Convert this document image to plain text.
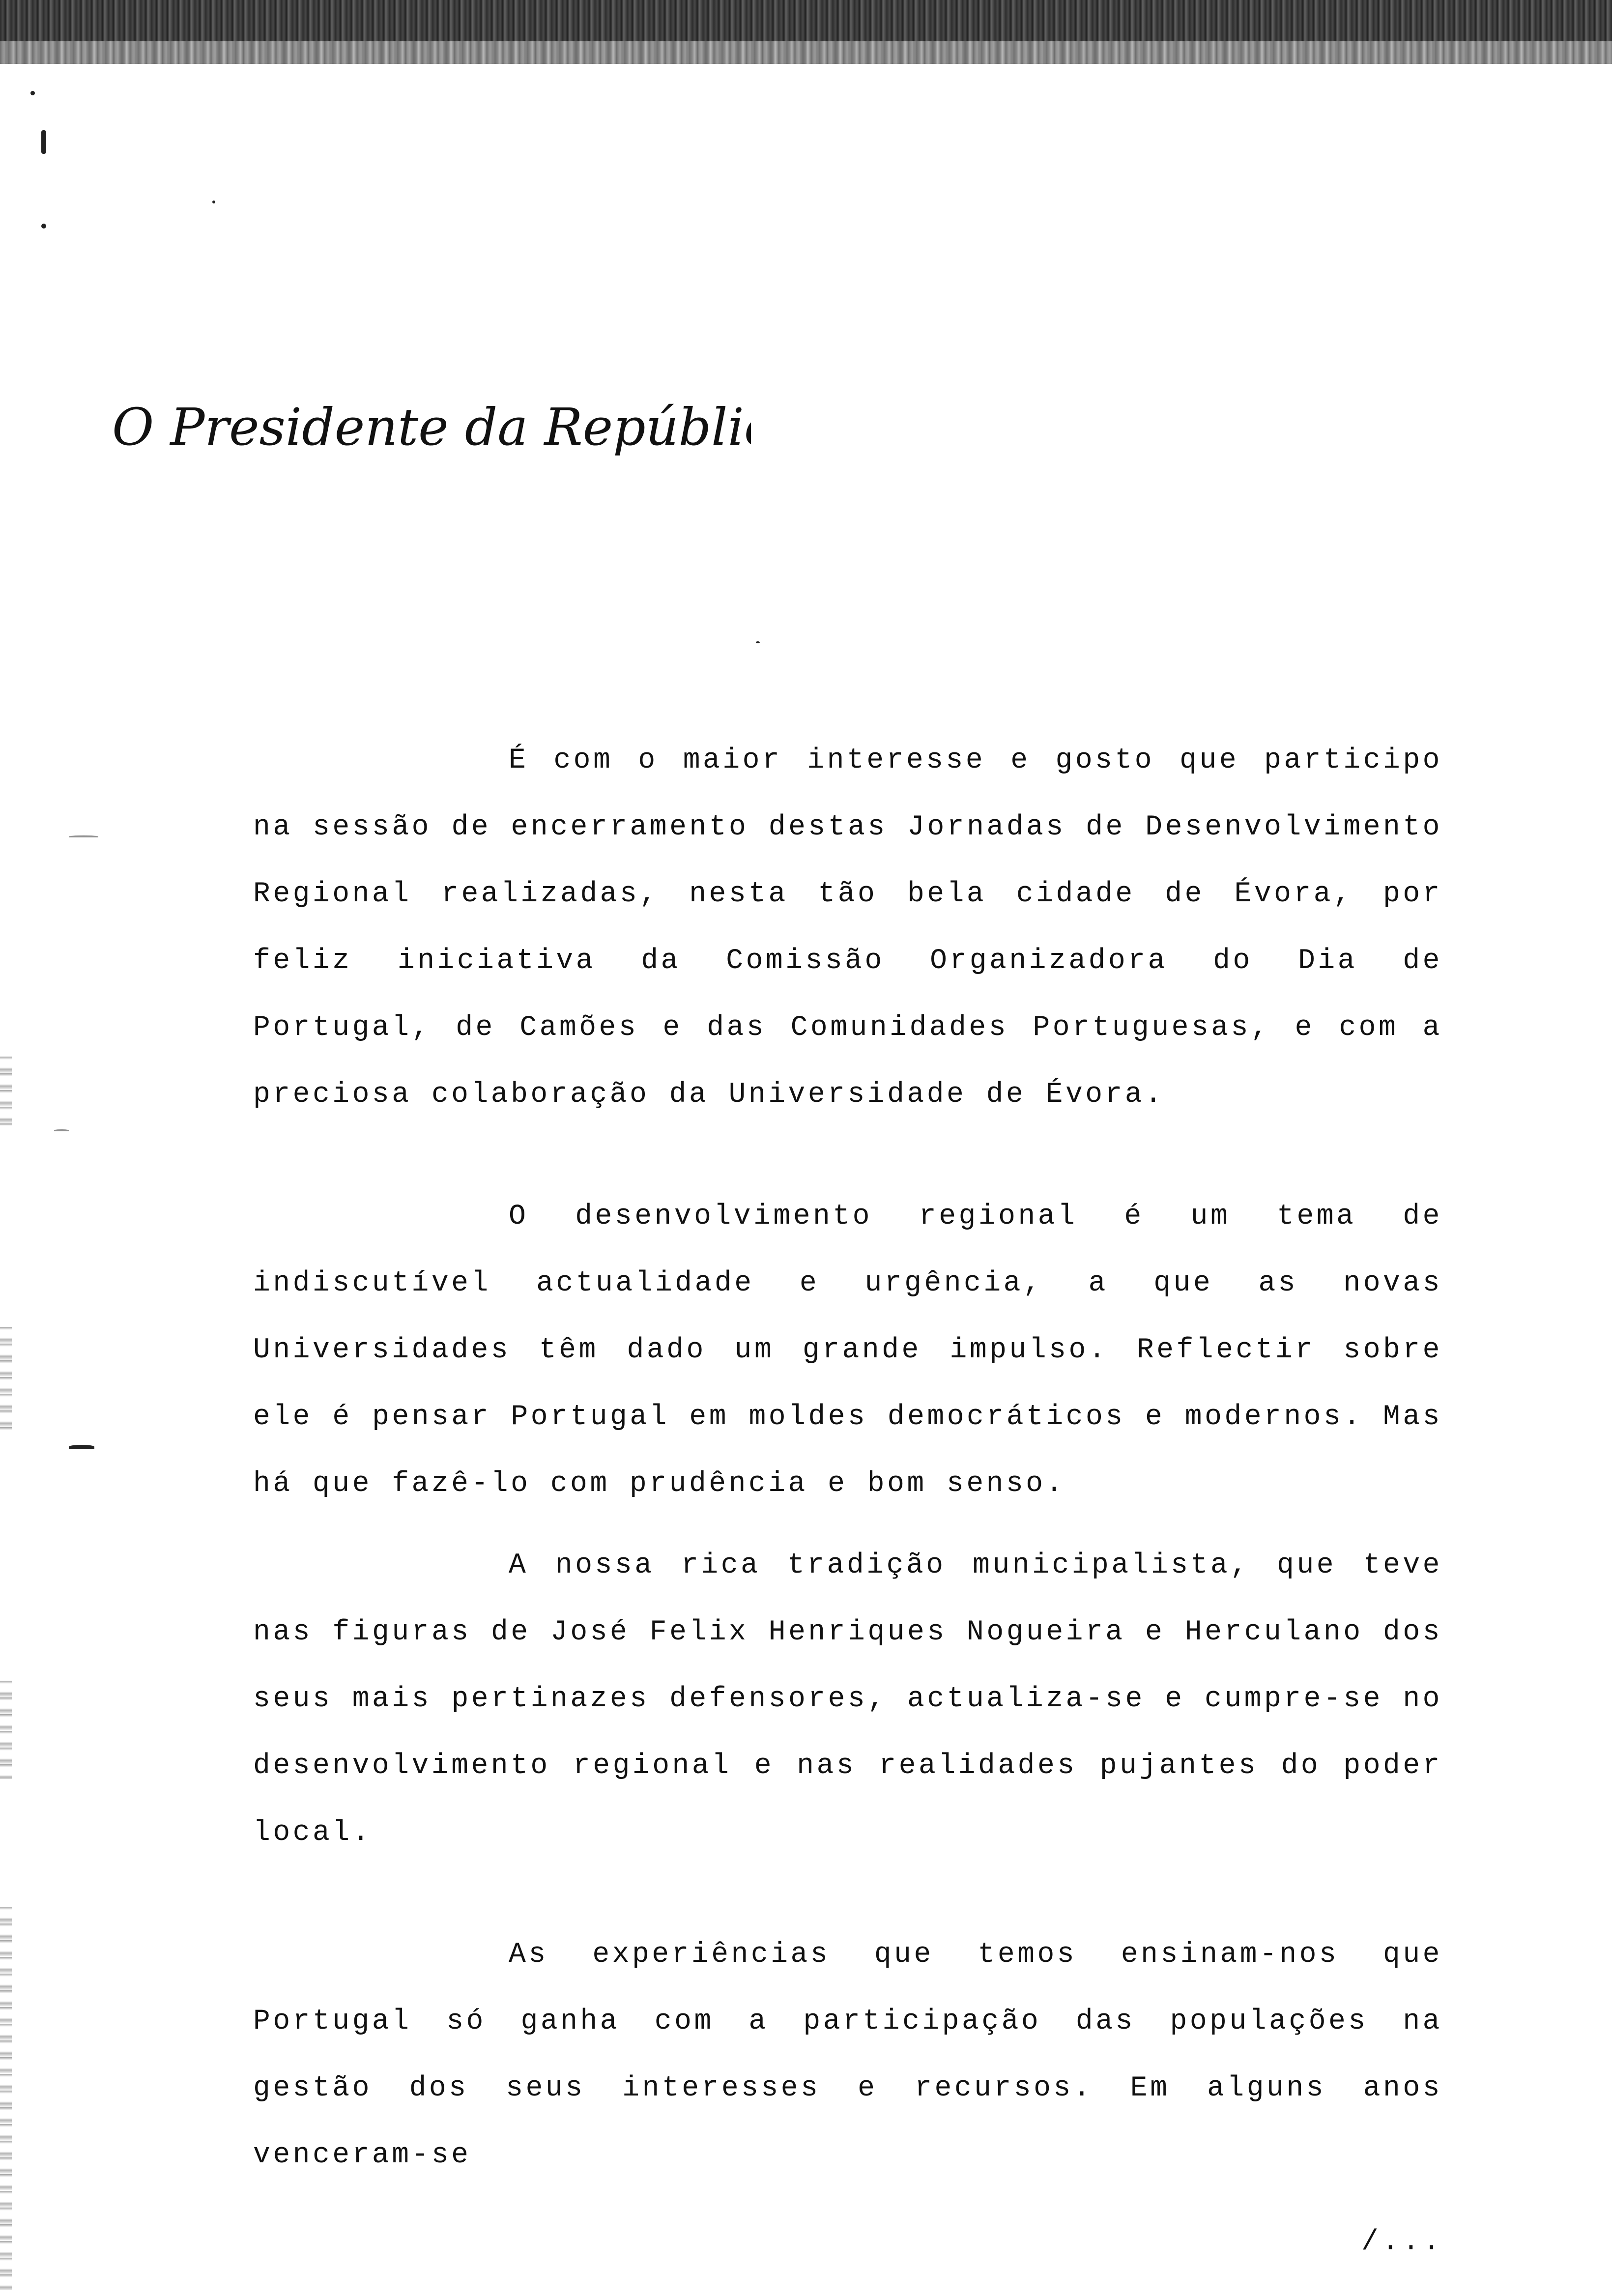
O Presidente da República

É com o maior interesse e gosto que participo na sessão de encerramento destas Jornadas de Desenvolvimento Regional realizadas, nesta tão bela cidade de Évora, por feliz iniciativa da Comissão Organizadora do Dia de Portugal, de Camões e das Comunidades Portuguesas, e com a preciosa colaboração da Universidade de Évora.

O desenvolvimento regional é um tema de indiscutível actualidade e urgência, a que as novas Universidades têm dado um grande impulso. Reflectir sobre ele é pensar Portugal em moldes democráticos e modernos. Mas há que fazê-lo com prudência e bom senso.

A nossa rica tradição municipalista, que teve nas figuras de José Felix Henriques Nogueira e Herculano dos seus mais pertinazes defensores, actualiza-se e cumpre-se no desenvolvimento regional e nas realidades pujantes do poder local.

As experiências que temos ensinam-nos que Portugal só ganha com a participação das populações na gestão dos seus interesses e recursos. Em alguns anos venceram-se

/...
